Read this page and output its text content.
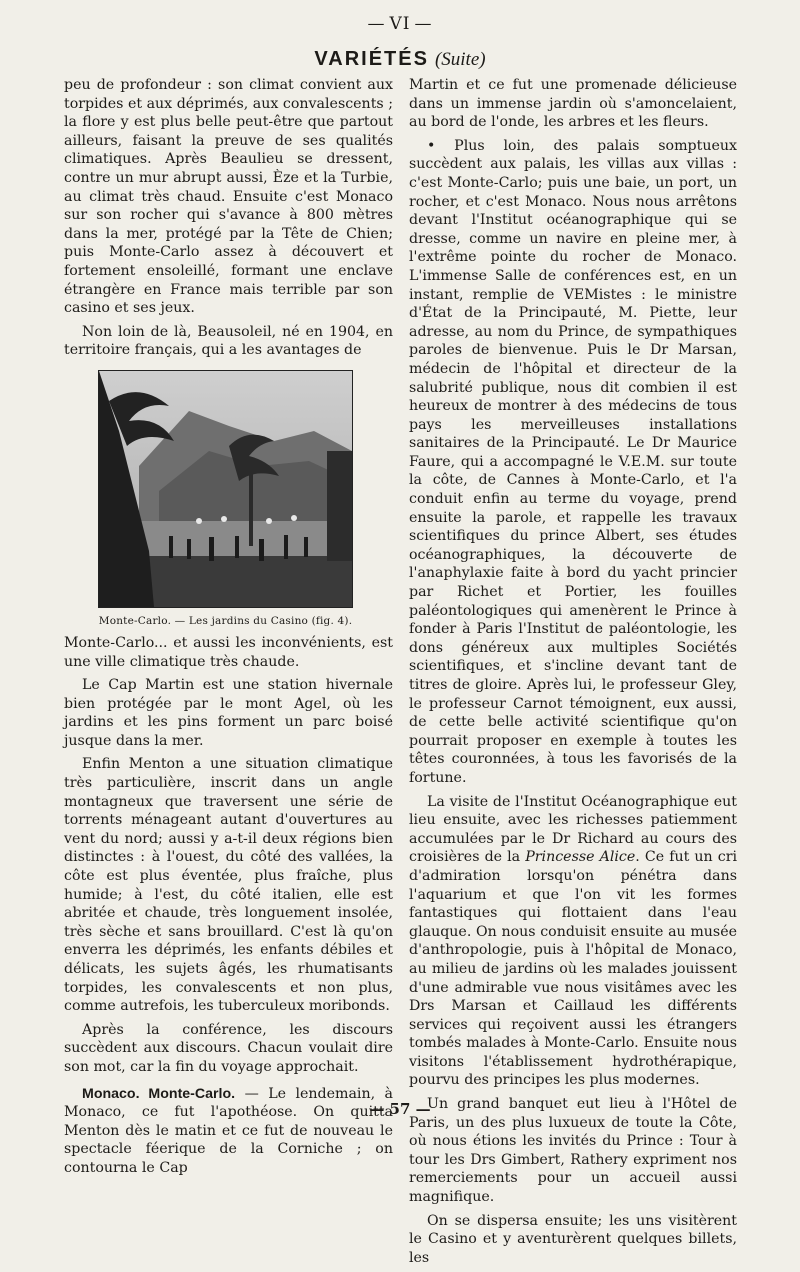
— VI —
VARIÉTÉS (Suite)

peu de profondeur : son climat convient aux torpides et aux déprimés, aux convalescents ; la flore y est plus belle peut-être que partout ailleurs, faisant la preuve de ses qualités climatiques. Après Beaulieu se dressent, contre un mur abrupt aussi, Èze et la Turbie, au climat très chaud. Ensuite c'est Monaco sur son rocher qui s'avance à 800 mètres dans la mer, protégé par la Tête de Chien; puis Monte-Carlo assez à découvert et fortement ensoleillé, formant une enclave étrangère en France mais terrible par son casino et ses jeux.

Non loin de là, Beausoleil, né en 1904, en territoire français, qui a les avantages de

Monte-Carlo. — Les jardins du Casino (fig. 4).

Monte-Carlo... et aussi les inconvénients, est une ville climatique très chaude.

Le Cap Martin est une station hivernale bien protégée par le mont Agel, où les jardins et les pins forment un parc boisé jusque dans la mer.

Enfin Menton a une situation climatique très particulière, inscrit dans un angle montagneux que traversent une série de torrents ménageant autant d'ouvertures au vent du nord; aussi y a-t-il deux régions bien distinctes : à l'ouest, du côté des vallées, la côte est plus éventée, plus fraîche, plus humide; à l'est, du côté italien, elle est abritée et chaude, très longuement insolée, très sèche et sans brouillard. C'est là qu'on enverra les déprimés, les enfants débiles et délicats, les sujets âgés, les rhumatisants torpides, les convalescents et non plus, comme autrefois, les tuberculeux moribonds.

Après la conférence, les discours succèdent aux discours. Chacun voulait dire son mot, car la fin du voyage approchait.

Monaco. Monte-Carlo. — Le lendemain, à Monaco, ce fut l'apothéose. On quitta Menton dès le matin et ce fut de nouveau le spectacle féerique de la Corniche ; on contourna le Cap

Martin et ce fut une promenade délicieuse dans un immense jardin où s'amoncelaient, au bord de l'onde, les arbres et les fleurs.

• Plus loin, des palais somptueux succèdent aux palais, les villas aux villas : c'est Monte-Carlo; puis une baie, un port, un rocher, et c'est Monaco. Nous nous arrêtons devant l'Institut océanographique qui se dresse, comme un navire en pleine mer, à l'extrême pointe du rocher de Monaco. L'immense Salle de conférences est, en un instant, remplie de VEMistes : le ministre d'État de la Principauté, M. Piette, leur adresse, au nom du Prince, de sympathiques paroles de bienvenue. Puis le Dr Marsan, médecin de l'hôpital et directeur de la salubrité publique, nous dit combien il est heureux de montrer à des médecins de tous pays les merveilleuses installations sanitaires de la Principauté. Le Dr Maurice Faure, qui a accompagné le V.E.M. sur toute la côte, de Cannes à Monte-Carlo, et l'a conduit enfin au terme du voyage, prend ensuite la parole, et rappelle les travaux scientifiques du prince Albert, ses études océanographiques, la découverte de l'anaphylaxie faite à bord du yacht princier par Richet et Portier, les fouilles paléontologiques qui amenèrent le Prince à fonder à Paris l'Institut de paléontologie, les dons généreux aux multiples Sociétés scientifiques, et s'incline devant tant de titres de gloire. Après lui, le professeur Gley, le professeur Carnot témoignent, eux aussi, de cette belle activité scientifique qu'on pourrait proposer en exemple à toutes les têtes couronnées, à tous les favorisés de la fortune.

La visite de l'Institut Océanographique eut lieu ensuite, avec les richesses patiemment accumulées par le Dr Richard au cours des croisières de la Princesse Alice. Ce fut un cri d'admiration lorsqu'on pénétra dans l'aquarium et que l'on vit les formes fantastiques qui flottaient dans l'eau glauque. On nous conduisit ensuite au musée d'anthropologie, puis à l'hôpital de Monaco, au milieu de jardins où les malades jouissent d'une admirable vue nous visitâmes avec les Drs Marsan et Caillaud les différents services qui reçoivent aussi les étrangers tombés malades à Monte-Carlo. Ensuite nous visitons l'établissement hydrothérapique, pourvu des principes les plus modernes.

Un grand banquet eut lieu à l'Hôtel de Paris, un des plus luxueux de toute la Côte, où nous étions les invités du Prince : Tour à tour les Drs Gimbert, Rathery expriment nos remerciements pour un accueil aussi magnifique.

On se dispersa ensuite; les uns visitèrent le Casino et y aventurèrent quelques billets, les

— 57 —
